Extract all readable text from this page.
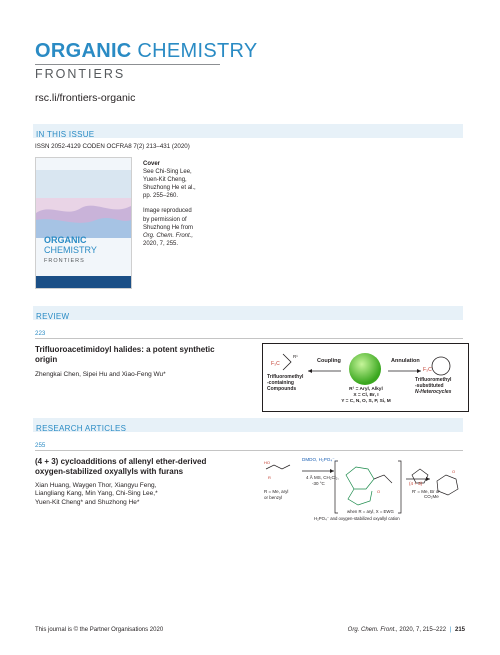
ORGANIC CHEMISTRY
FRONTIERS
rsc.li/frontiers-organic
IN THIS ISSUE
ISSN 2052-4129 CODEN OCFRA8 7(2) 213–431 (2020)
ORGANIC
CHEMISTRY
FRONTIERS
Cover
See Chi-Sing Lee,
Yuen-Kit Cheng,
Shuzhong He et al.,
pp. 255–260.
Image reproduced
by permission of
Shuzhong He from
Org. Chem. Front.,
2020, 7, 255.
REVIEW
223
Trifluoroacetimidoyl halides: a potent synthetic
origin
Zhengkai Chen, Sipei Hu and Xiao-Feng Wu*
F₃C
R¹
F₃C
Coupling	Annulation
Trifluoromethyl
-containing
Compounds	R¹ = Aryl, Alkyl
X = Cl, Br, I
Y = C, N, O, S, P, Si, M
Trifluoromethyl
-substituted
N-Heterocycles
RESEARCH ARTICLES
255
(4 + 3) cycloadditions of allenyl ether-derived
oxygen-stabilized oxyallyls with furans
Xian Huang, Waygen Thor, Xiangyu Feng,
Liangliang Kang, Min Yang, Chi-Sing Lee,*
Yuen-Kit Cheng* and Shuzhong He*
HO
R
O
O
DMDO, H₂PO₄⁻,
4 Å MS, CH₂Cl₂,
-30 °C
R = Me, aryl
or benzyl
when R = aryl, X = EWG
H₂PO₄⁻ and oxygen-stabilized oxyallyl cation
(4 + 3)
R' = Me, Br or
CO₂Me
This journal is © the Partner Organisations 2020	Org. Chem. Front., 2020, 7, 215–222 | 215
